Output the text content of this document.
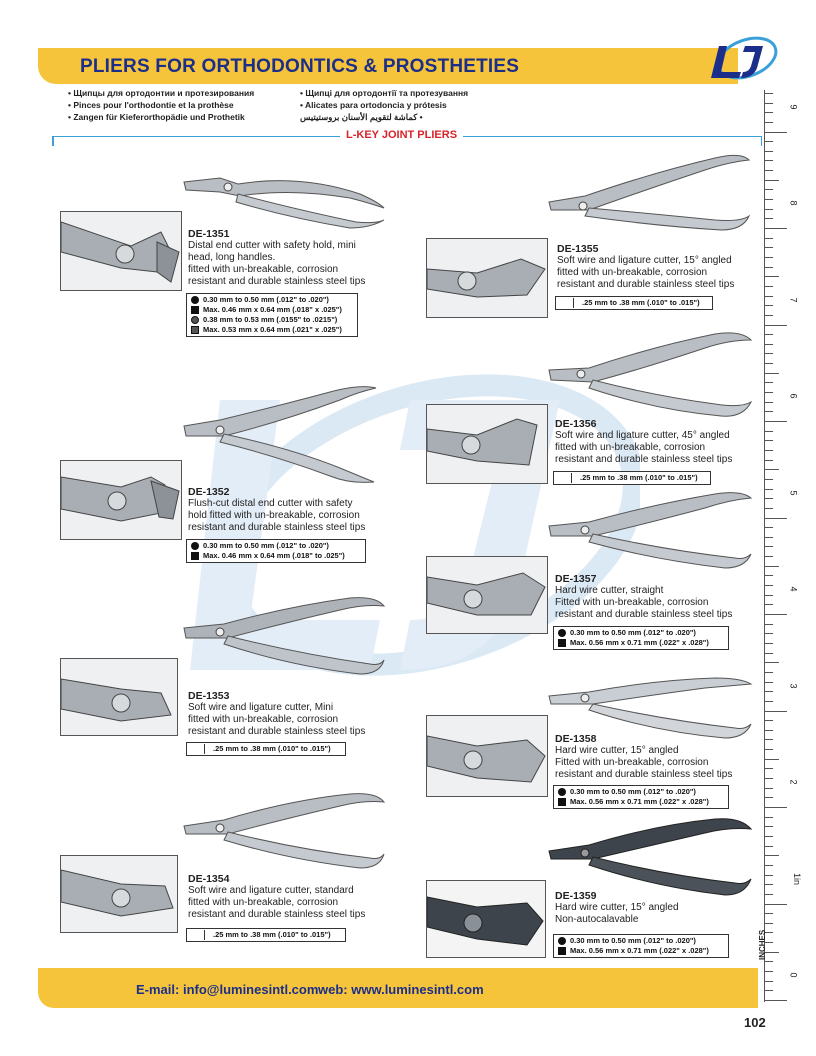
PLIERS FOR ORTHODONTICS & PROSTHETIES
• Щипцы для ортодонтии и протезирования
• Pinces pour l'orthodontie et la prothèse
• Zangen für Kieferorthopädie und Prothetik
• Щипці для ортодонтії та протезування
• Alicates para ortodoncia y prótesis
كماشة لتقويم الأسنان بروستيتيس •
L-KEY JOINT PLIERS
DE-1351
Distal end cutter with safety hold, mini
head, long handles.
fitted with un-breakable, corrosion
resistant and durable stainless steel tips
0.30 mm to 0.50 mm (.012" to .020")
Max. 0.46 mm x 0.64 mm (.018" x .025")
0.38 mm to 0.53 mm (.0155" to .0215")
Max. 0.53 mm x 0.64 mm (.021" x .025")
DE-1352
Flush-cut distal end cutter with safety
hold fitted with un-breakable, corrosion
resistant and durable stainless steel tips
0.30 mm to 0.50 mm (.012" to .020")
Max. 0.46 mm x 0.64 mm (.018" to .025")
DE-1353
Soft wire and ligature cutter, Mini
fitted with un-breakable, corrosion
resistant and durable stainless steel tips
.25 mm to .38 mm (.010" to .015")
DE-1354
Soft wire and ligature cutter, standard
fitted with un-breakable, corrosion
resistant and durable stainless steel tips
.25 mm to .38 mm (.010" to .015")
DE-1355
Soft wire and ligature cutter, 15° angled
fitted with un-breakable, corrosion
resistant and durable stainless steel tips
.25 mm to .38 mm (.010" to .015")
DE-1356
Soft wire and ligature cutter, 45° angled
fitted with un-breakable, corrosion
resistant and durable stainless steel tips
.25 mm to .38 mm (.010" to .015")
DE-1357
Hard wire cutter, straight
Fitted with un-breakable, corrosion
resistant and durable stainless steel tips
0.30 mm to 0.50 mm (.012" to .020")
Max. 0.56 mm x 0.71 mm (.022" x .028")
DE-1358
Hard wire cutter, 15° angled
Fitted with un-breakable, corrosion
resistant and durable stainless steel tips
0.30 mm to 0.50 mm (.012" to .020")
Max. 0.56 mm x 0.71 mm (.022" x .028")
DE-1359
Hard wire cutter, 15° angled
Non-autocalavable
0.30 mm to 0.50 mm (.012" to .020")
Max. 0.56 mm x 0.71 mm (.022" x .028")
0
1in
2
3
4
5
6
7
8
9
INCHES
E-mail: info@luminesintl.com web: www.luminesintl.com
102
